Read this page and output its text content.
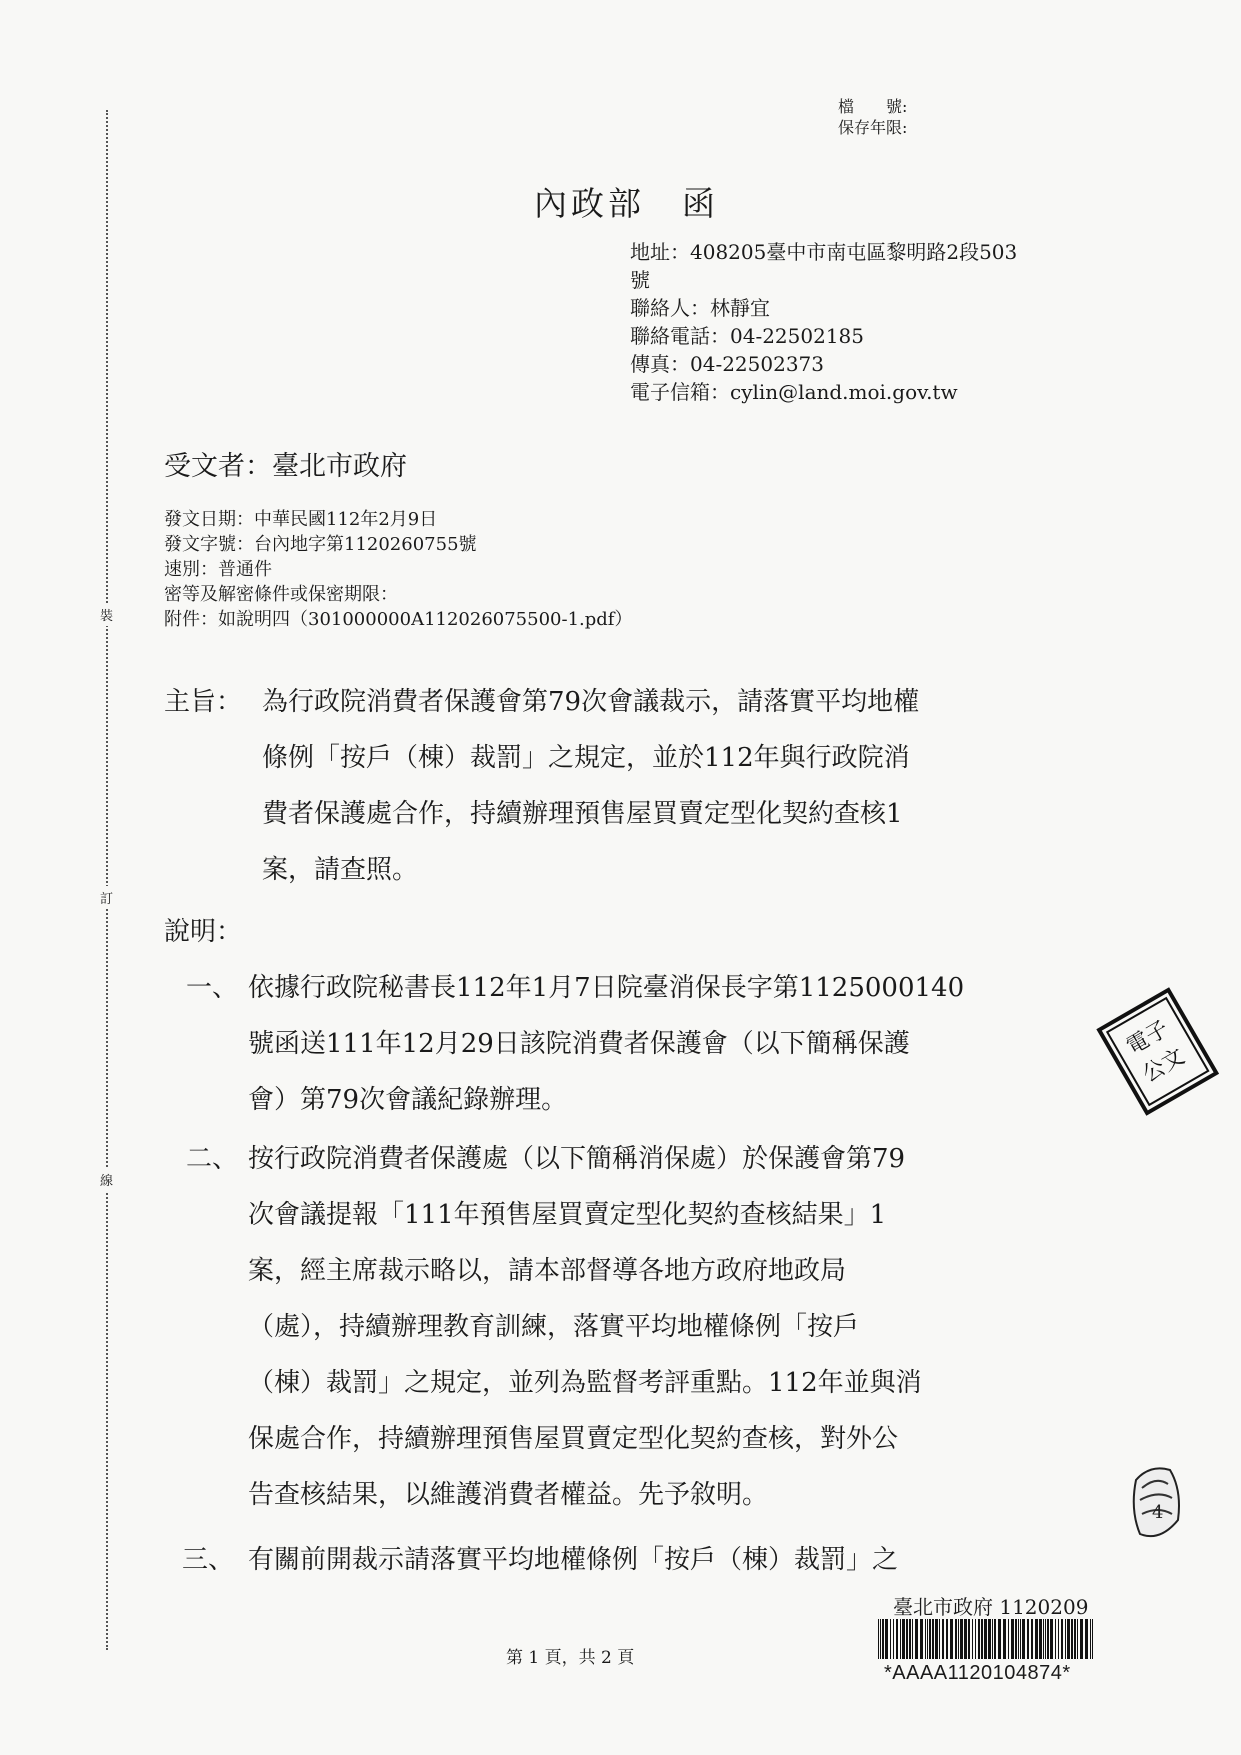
裝
訂
線
檔　　號:
保存年限:
內政部　函
地址：408205臺中市南屯區黎明路2段503
號
聯絡人：林靜宜
聯絡電話：04-22502185
傳真：04-22502373
電子信箱：cylin@land.moi.gov.tw
受文者：臺北市政府
發文日期：中華民國112年2月9日
發文字號：台內地字第1120260755號
速別：普通件
密等及解密條件或保密期限：
附件：如說明四（301000000A112026075500-1.pdf）
主旨： 為行政院消費者保護會第79次會議裁示，請落實平均地權
條例「按戶（棟）裁罰」之規定，並於112年與行政院消
費者保護處合作，持續辦理預售屋買賣定型化契約查核1
案，請查照。
說明：
一、 依據行政院秘書長112年1月7日院臺消保長字第1125000140
號函送111年12月29日該院消費者保護會（以下簡稱保護
會）第79次會議紀錄辦理。
二、 按行政院消費者保護處（以下簡稱消保處）於保護會第79
次會議提報「111年預售屋買賣定型化契約查核結果」1
案，經主席裁示略以，請本部督導各地方政府地政局
（處），持續辦理教育訓練，落實平均地權條例「按戶
（棟）裁罰」之規定，並列為監督考評重點。112年並與消
保處合作，持續辦理預售屋買賣定型化契約查核，對外公
告查核結果，以維護消費者權益。先予敘明。
三、 有關前開裁示請落實平均地權條例「按戶（棟）裁罰」之
電子
公文
4
臺北市政府 1120209
*AAAA1120104874*
第 1 頁，共 2 頁
